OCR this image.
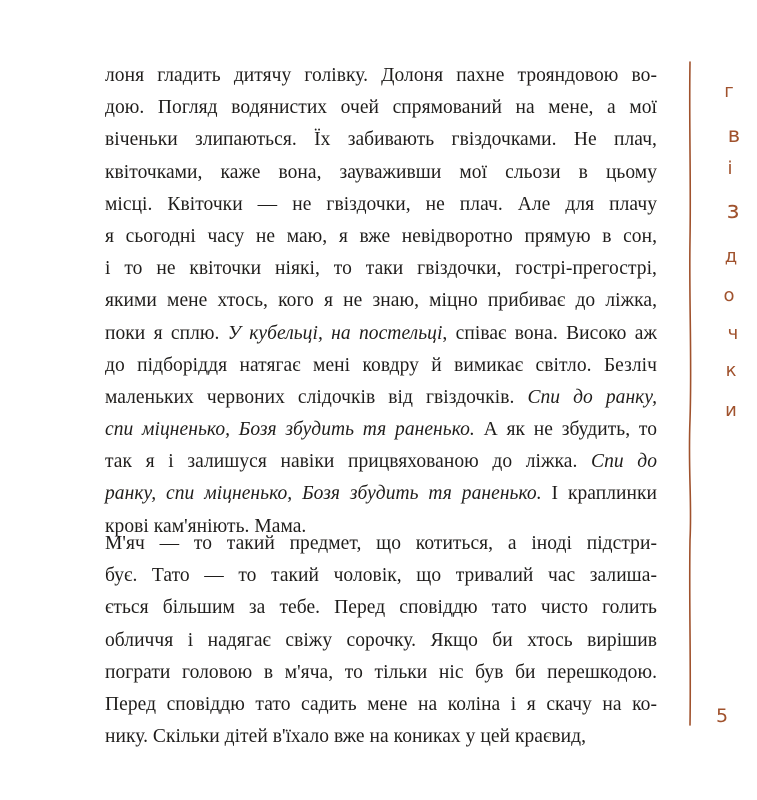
лоня гладить дитячу голівку. Долоня пахне трояндовою во-
дою. Погляд водянистих очей спрямований на мене, а мої
віченьки злипаються. Їх забивають гвіздочками. Не плач,
квіточками, каже вона, зауваживши мої сльози в цьому
місці. Квіточки — не гвіздочки, не плач. Але для плачу
я сьогодні часу не маю, я вже невідворотно прямую в сон,
і то не квіточки ніякі, то таки гвіздочки, гострі-прегострі,
якими мене хтось, кого я не знаю, міцно прибиває до ліжка,
поки я сплю. У кубельці, на постельці, співає вона. Високо аж
до підборіддя натягає мені ковдру й вимикає світло. Безліч
маленьких червоних слідочків від гвіздочків. Спи до ранку,
спи міцненько, Бозя збудить тя раненько. А як не збудить, то
так я і залишуся навіки прицвяхованою до ліжка. Спи до
ранку, спи міцненько, Бозя збудить тя раненько. І краплинки
крові кам'яніють. Мама.
М'яч — то такий предмет, що котиться, а іноді підстри-
бує. Тато — то такий чоловік, що тривалий час залиша-
ється більшим за тебе. Перед сповіддю тато чисто голить
обличчя і надягає свіжу сорочку. Якщо би хтось вирішив
пограти головою в м'яча, то тільки ніс був би перешкодою.
Перед сповіддю тато садить мене на коліна і я скачу на ко-
нику. Скільки дітей в'їхало вже на кониках у цей краєвид,
г
в
і
з
д
о
ч
к
и
5
